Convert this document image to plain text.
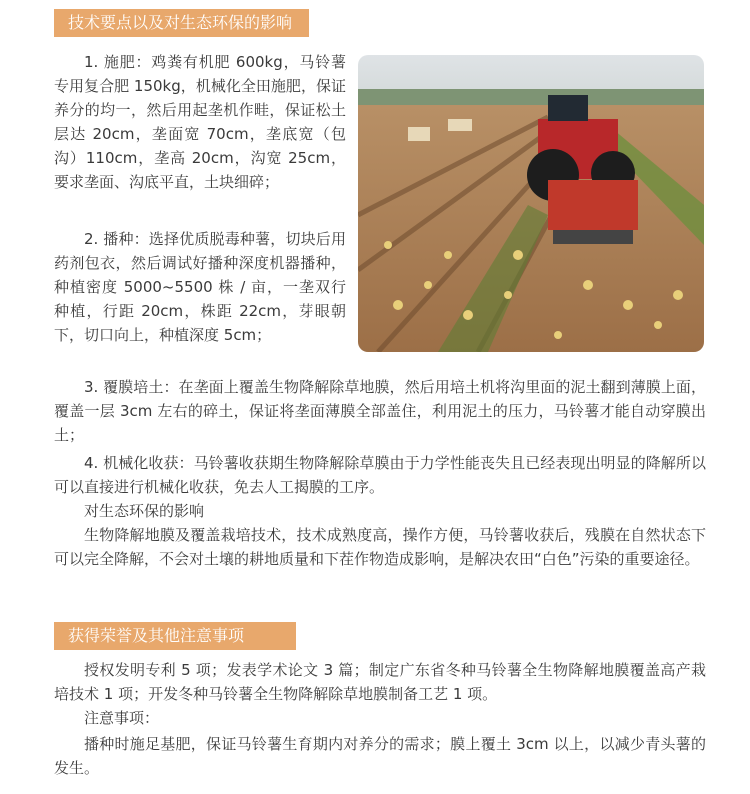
技术要点以及对生态环保的影响

1. 施肥：鸡粪有机肥 600kg，马铃薯专用复合肥 150kg，机械化全田施肥，保证养分的均一，然后用起垄机作畦，保证松土层达 20cm，垄面宽 70cm，垄底宽（包沟）110cm，垄高 20cm，沟宽 25cm，要求垄面、沟底平直，土块细碎；

2. 播种：选择优质脱毒种薯，切块后用药剂包衣，然后调试好播种深度机器播种，种植密度 5000~5500 株 / 亩，一垄双行种植，行距 20cm，株距 22cm，芽眼朝下，切口向上，种植深度 5cm；

3. 覆膜培土：在垄面上覆盖生物降解除草地膜，然后用培土机将沟里面的泥土翻到薄膜上面，覆盖一层 3cm 左右的碎土，保证将垄面薄膜全部盖住，利用泥土的压力，马铃薯才能自动穿膜出土；

4. 机械化收获：马铃薯收获期生物降解除草膜由于力学性能丧失且已经表现出明显的降解所以可以直接进行机械化收获，免去人工揭膜的工序。

对生态环保的影响

生物降解地膜及覆盖栽培技术，技术成熟度高，操作方便，马铃薯收获后，残膜在自然状态下可以完全降解，不会对土壤的耕地质量和下茬作物造成影响，是解决农田“白色”污染的重要途径。

获得荣誉及其他注意事项

授权发明专利 5 项；发表学术论文 3 篇；制定广东省冬种马铃薯全生物降解地膜覆盖高产栽培技术 1 项；开发冬种马铃薯全生物降解除草地膜制备工艺 1 项。

注意事项：

播种时施足基肥，保证马铃薯生育期内对养分的需求；膜上覆土 3cm 以上，以减少青头薯的发生。
